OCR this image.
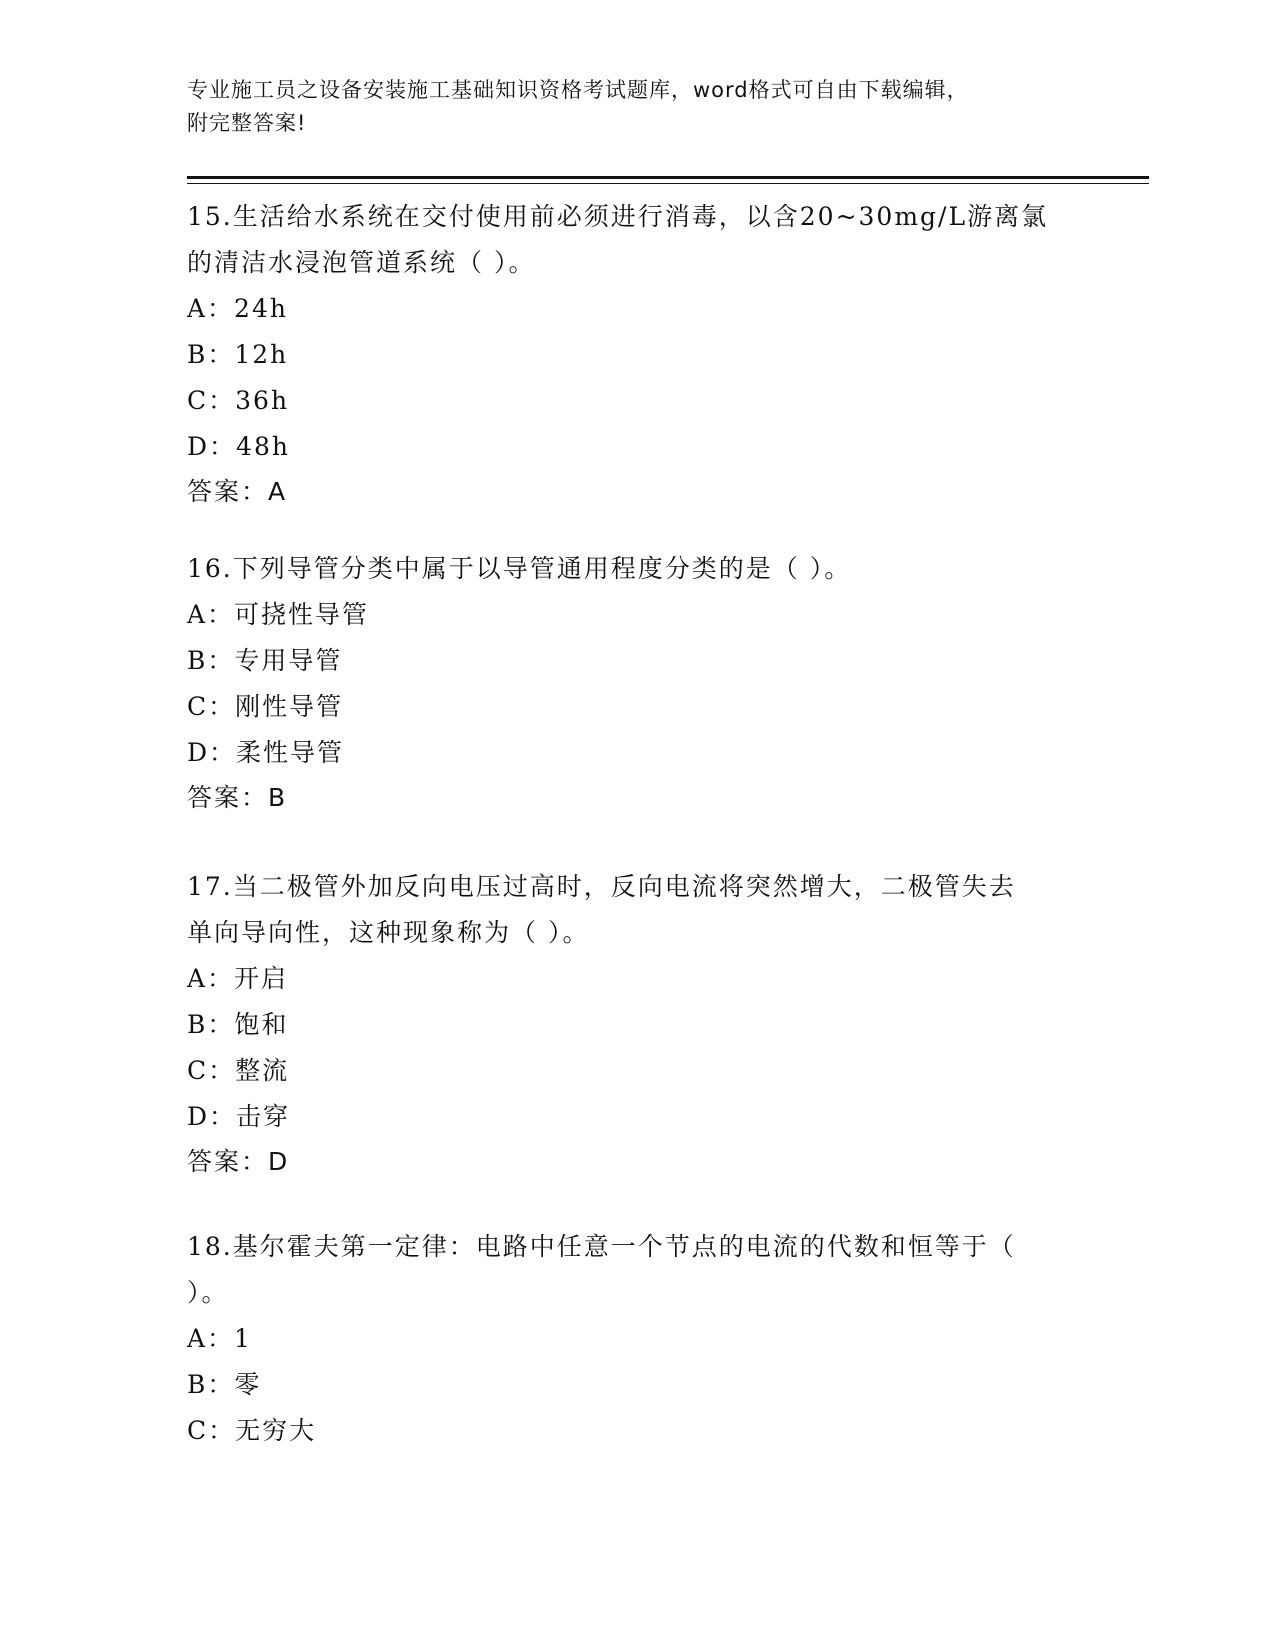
专业施工员之设备安装施工基础知识资格考试题库，word格式可自由下载编辑，
附完整答案!

15.生活给水系统在交付使用前必须进行消毒，以含20~30mg/L游离氯

的清洁水浸泡管道系统（ ）。

A：24h

B：12h

C：36h

D：48h

答案：A

16.下列导管分类中属于以导管通用程度分类的是（ ）。

A：可挠性导管

B：专用导管

C：刚性导管

D：柔性导管

答案：B

17.当二极管外加反向电压过高时，反向电流将突然增大，二极管失去

单向导向性，这种现象称为（ ）。

A：开启

B：饱和

C：整流

D：击穿

答案：D

18.基尔霍夫第一定律：电路中任意一个节点的电流的代数和恒等于（

）。

A：1

B：零

C：无穷大
